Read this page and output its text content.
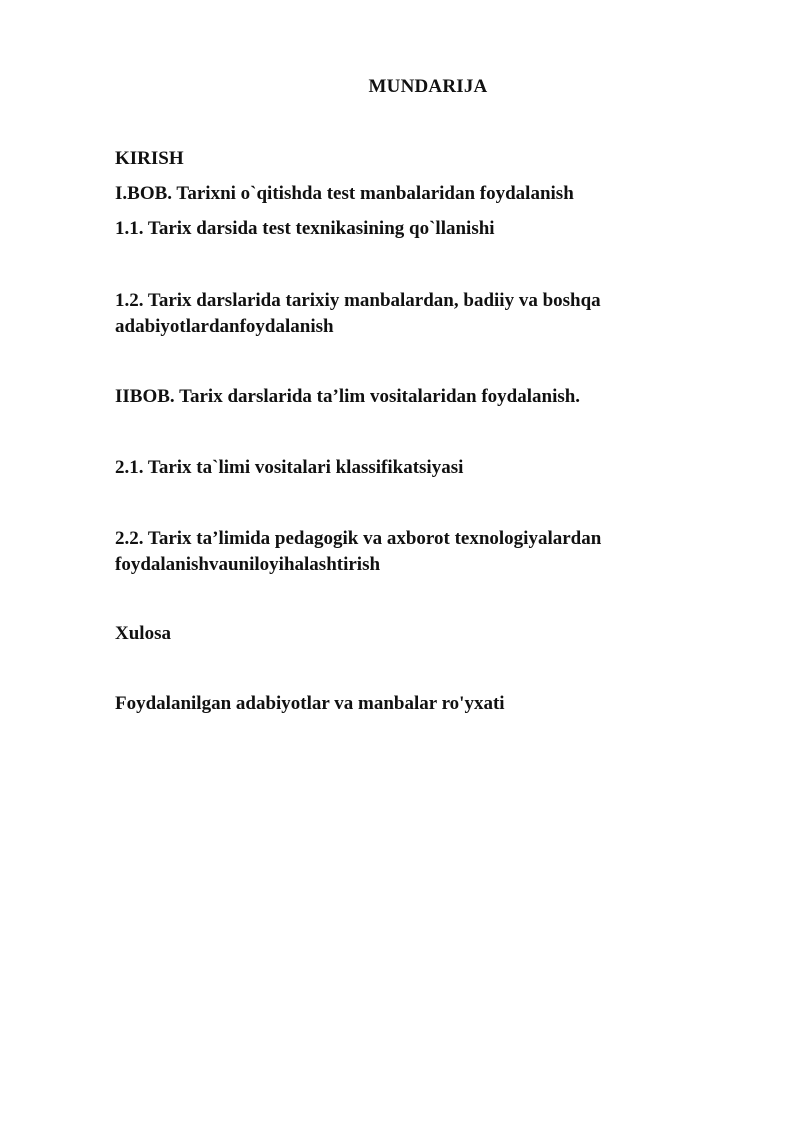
MUNDARIJA
KIRISH
I.BOB. Tarixni o`qitishda test manbalaridan foydalanish
1.1. Tarix darsida test texnikasining qo`llanishi
1.2. Tarix darslarida tarixiy manbalardan, badiiy va boshqa adabiyotlardanfoydalanish
IIBOB. Tarix darslarida ta’lim vositalaridan foydalanish.
2.1. Tarix ta`limi vositalari klassifikatsiyasi
2.2. Tarix ta’limida pedagogik va axborot texnologiyalardan foydalanishvauniloyihalashtirish
Xulosa
Foydalanilgan adabiyotlar va manbalar ro'yxati
